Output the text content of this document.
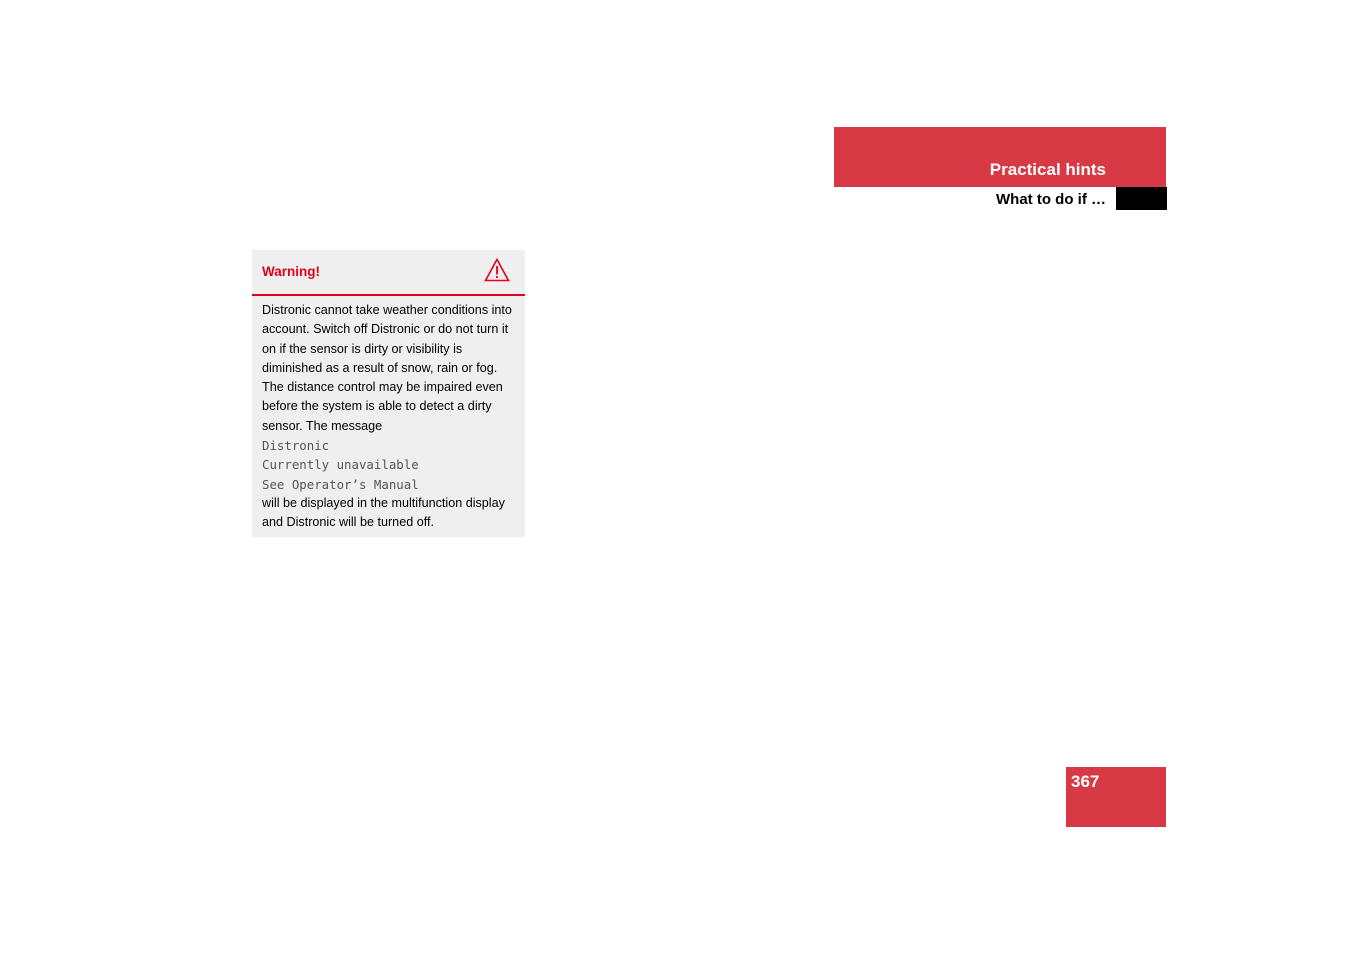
Practical hints
What to do if …
Warning!

Distronic cannot take weather conditions into account. Switch off Distronic or do not turn it on if the sensor is dirty or visibility is diminished as a result of snow, rain or fog. The distance control may be impaired even before the system is able to detect a dirty sensor. The message

Distronic
Currently unavailable
See Operator’s Manual

will be displayed in the multifunction display and Distronic will be turned off.

367
